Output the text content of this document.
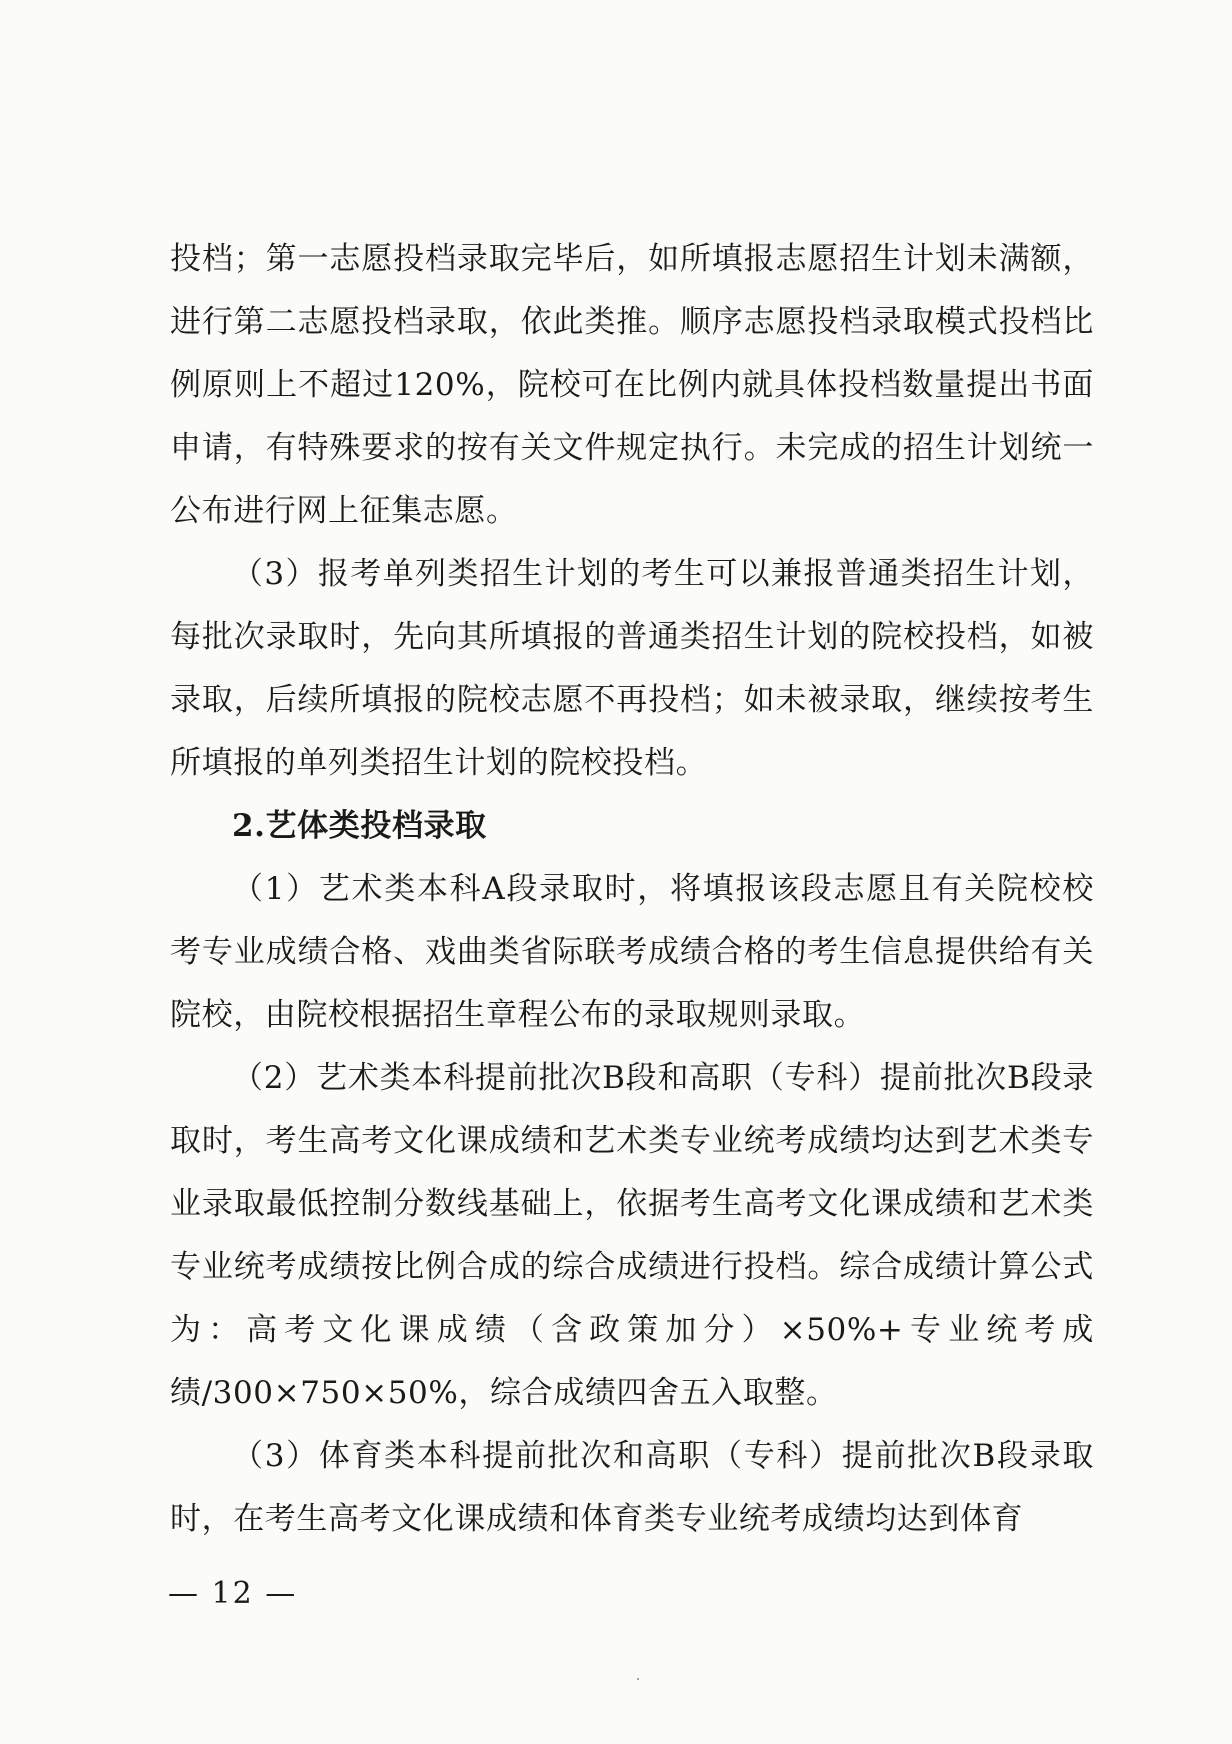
投档；第一志愿投档录取完毕后，如所填报志愿招生计划未满额，进行第二志愿投档录取，依此类推。顺序志愿投档录取模式投档比例原则上不超过120%，院校可在比例内就具体投档数量提出书面申请，有特殊要求的按有关文件规定执行。未完成的招生计划统一公布进行网上征集志愿。

（3）报考单列类招生计划的考生可以兼报普通类招生计划，每批次录取时，先向其所填报的普通类招生计划的院校投档，如被录取，后续所填报的院校志愿不再投档；如未被录取，继续按考生所填报的单列类招生计划的院校投档。

2.艺体类投档录取

（1）艺术类本科A段录取时，将填报该段志愿且有关院校校考专业成绩合格、戏曲类省际联考成绩合格的考生信息提供给有关院校，由院校根据招生章程公布的录取规则录取。

（2）艺术类本科提前批次B段和高职（专科）提前批次B段录取时，考生高考文化课成绩和艺术类专业统考成绩均达到艺术类专业录取最低控制分数线基础上，依据考生高考文化课成绩和艺术类专业统考成绩按比例合成的综合成绩进行投档。综合成绩计算公式为：高考文化课成绩（含政策加分）×50%+专业统考成绩/300×750×50%，综合成绩四舍五入取整。

（3）体育类本科提前批次和高职（专科）提前批次B段录取时，在考生高考文化课成绩和体育类专业统考成绩均达到体育

— 12 —
